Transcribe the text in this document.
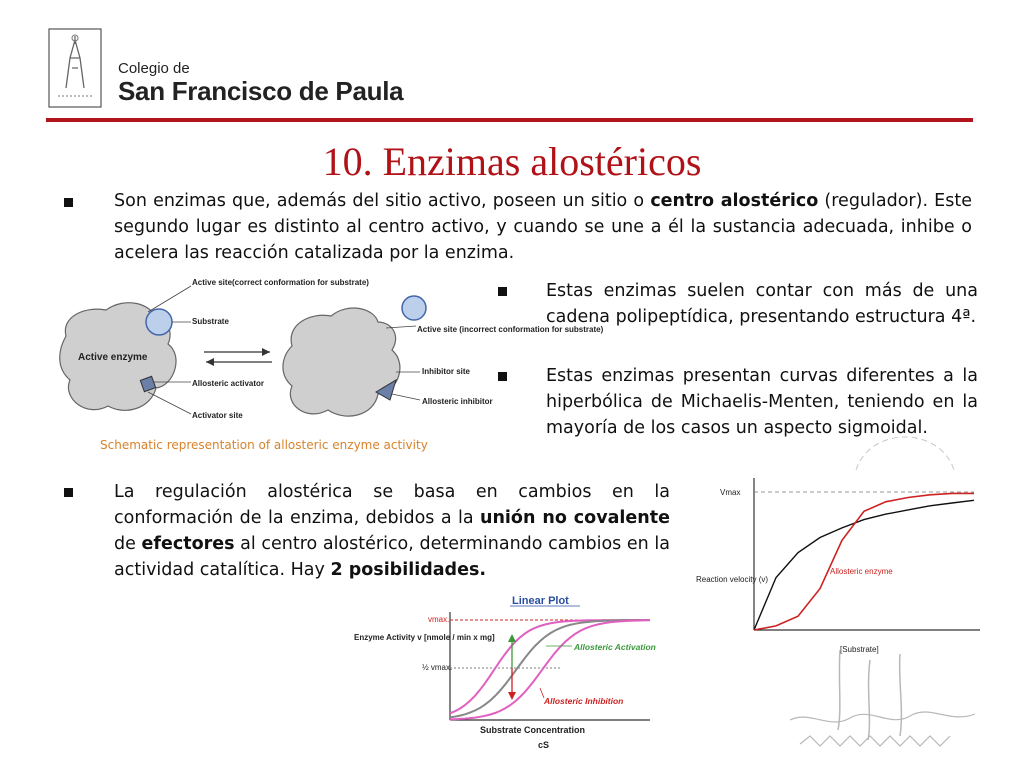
Colegio de
San Francisco de Paula
10. Enzimas alostéricos
Son enzimas que, además del sitio activo, poseen un sitio o centro alostérico (regulador). Este segundo lugar es distinto al centro activo, y cuando se une a él la sustancia adecuada, inhibe o acelera las reacción catalizada por la enzima.
Active enzyme
Active site(correct conformation for substrate)
Substrate
Allosteric activator
Activator site
Active site (incorrect conformation for substrate)
Inhibitor site
Allosteric inhibitor
Schematic representation of allosteric enzyme activity
Estas enzimas suelen contar con más de una cadena polipeptídica, presentando estructura 4ª.
Estas enzimas presentan curvas diferentes a la hiperbólica de Michaelis-Menten, teniendo en la mayoría de los casos un aspecto sigmoidal.
La regulación alostérica se basa en cambios en la conformación de la enzima, debidos a la unión no covalente de efectores al centro alostérico, determinando cambios en la actividad catalítica. Hay 2 posibilidades.
Vmax
Reaction velocity (v)
[Substrate]
Allosteric enzyme
Linear Plot
vmax.
½ vmax.
Enzyme Activity v [nmole / min x mg]
Substrate Concentration
cS
Allosteric Activation
Allosteric Inhibition
